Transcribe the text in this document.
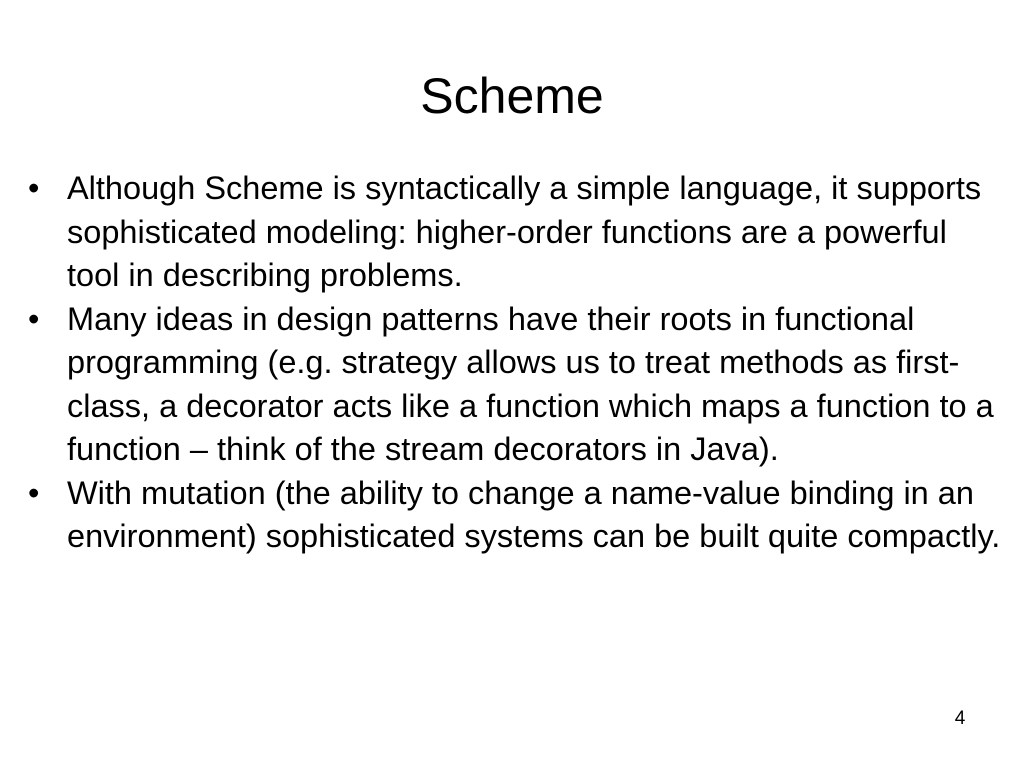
Scheme
• Although Scheme is syntactically a simple language, it supports sophisticated modeling: higher-order functions are a powerful tool in describing problems.
• Many ideas in design patterns have their roots in functional programming (e.g. strategy allows us to treat methods as first-class, a decorator acts like a function which maps a function to a function – think of the stream decorators in Java).
• With mutation (the ability to change a name-value binding in an environment) sophisticated systems can be built quite compactly.
4
